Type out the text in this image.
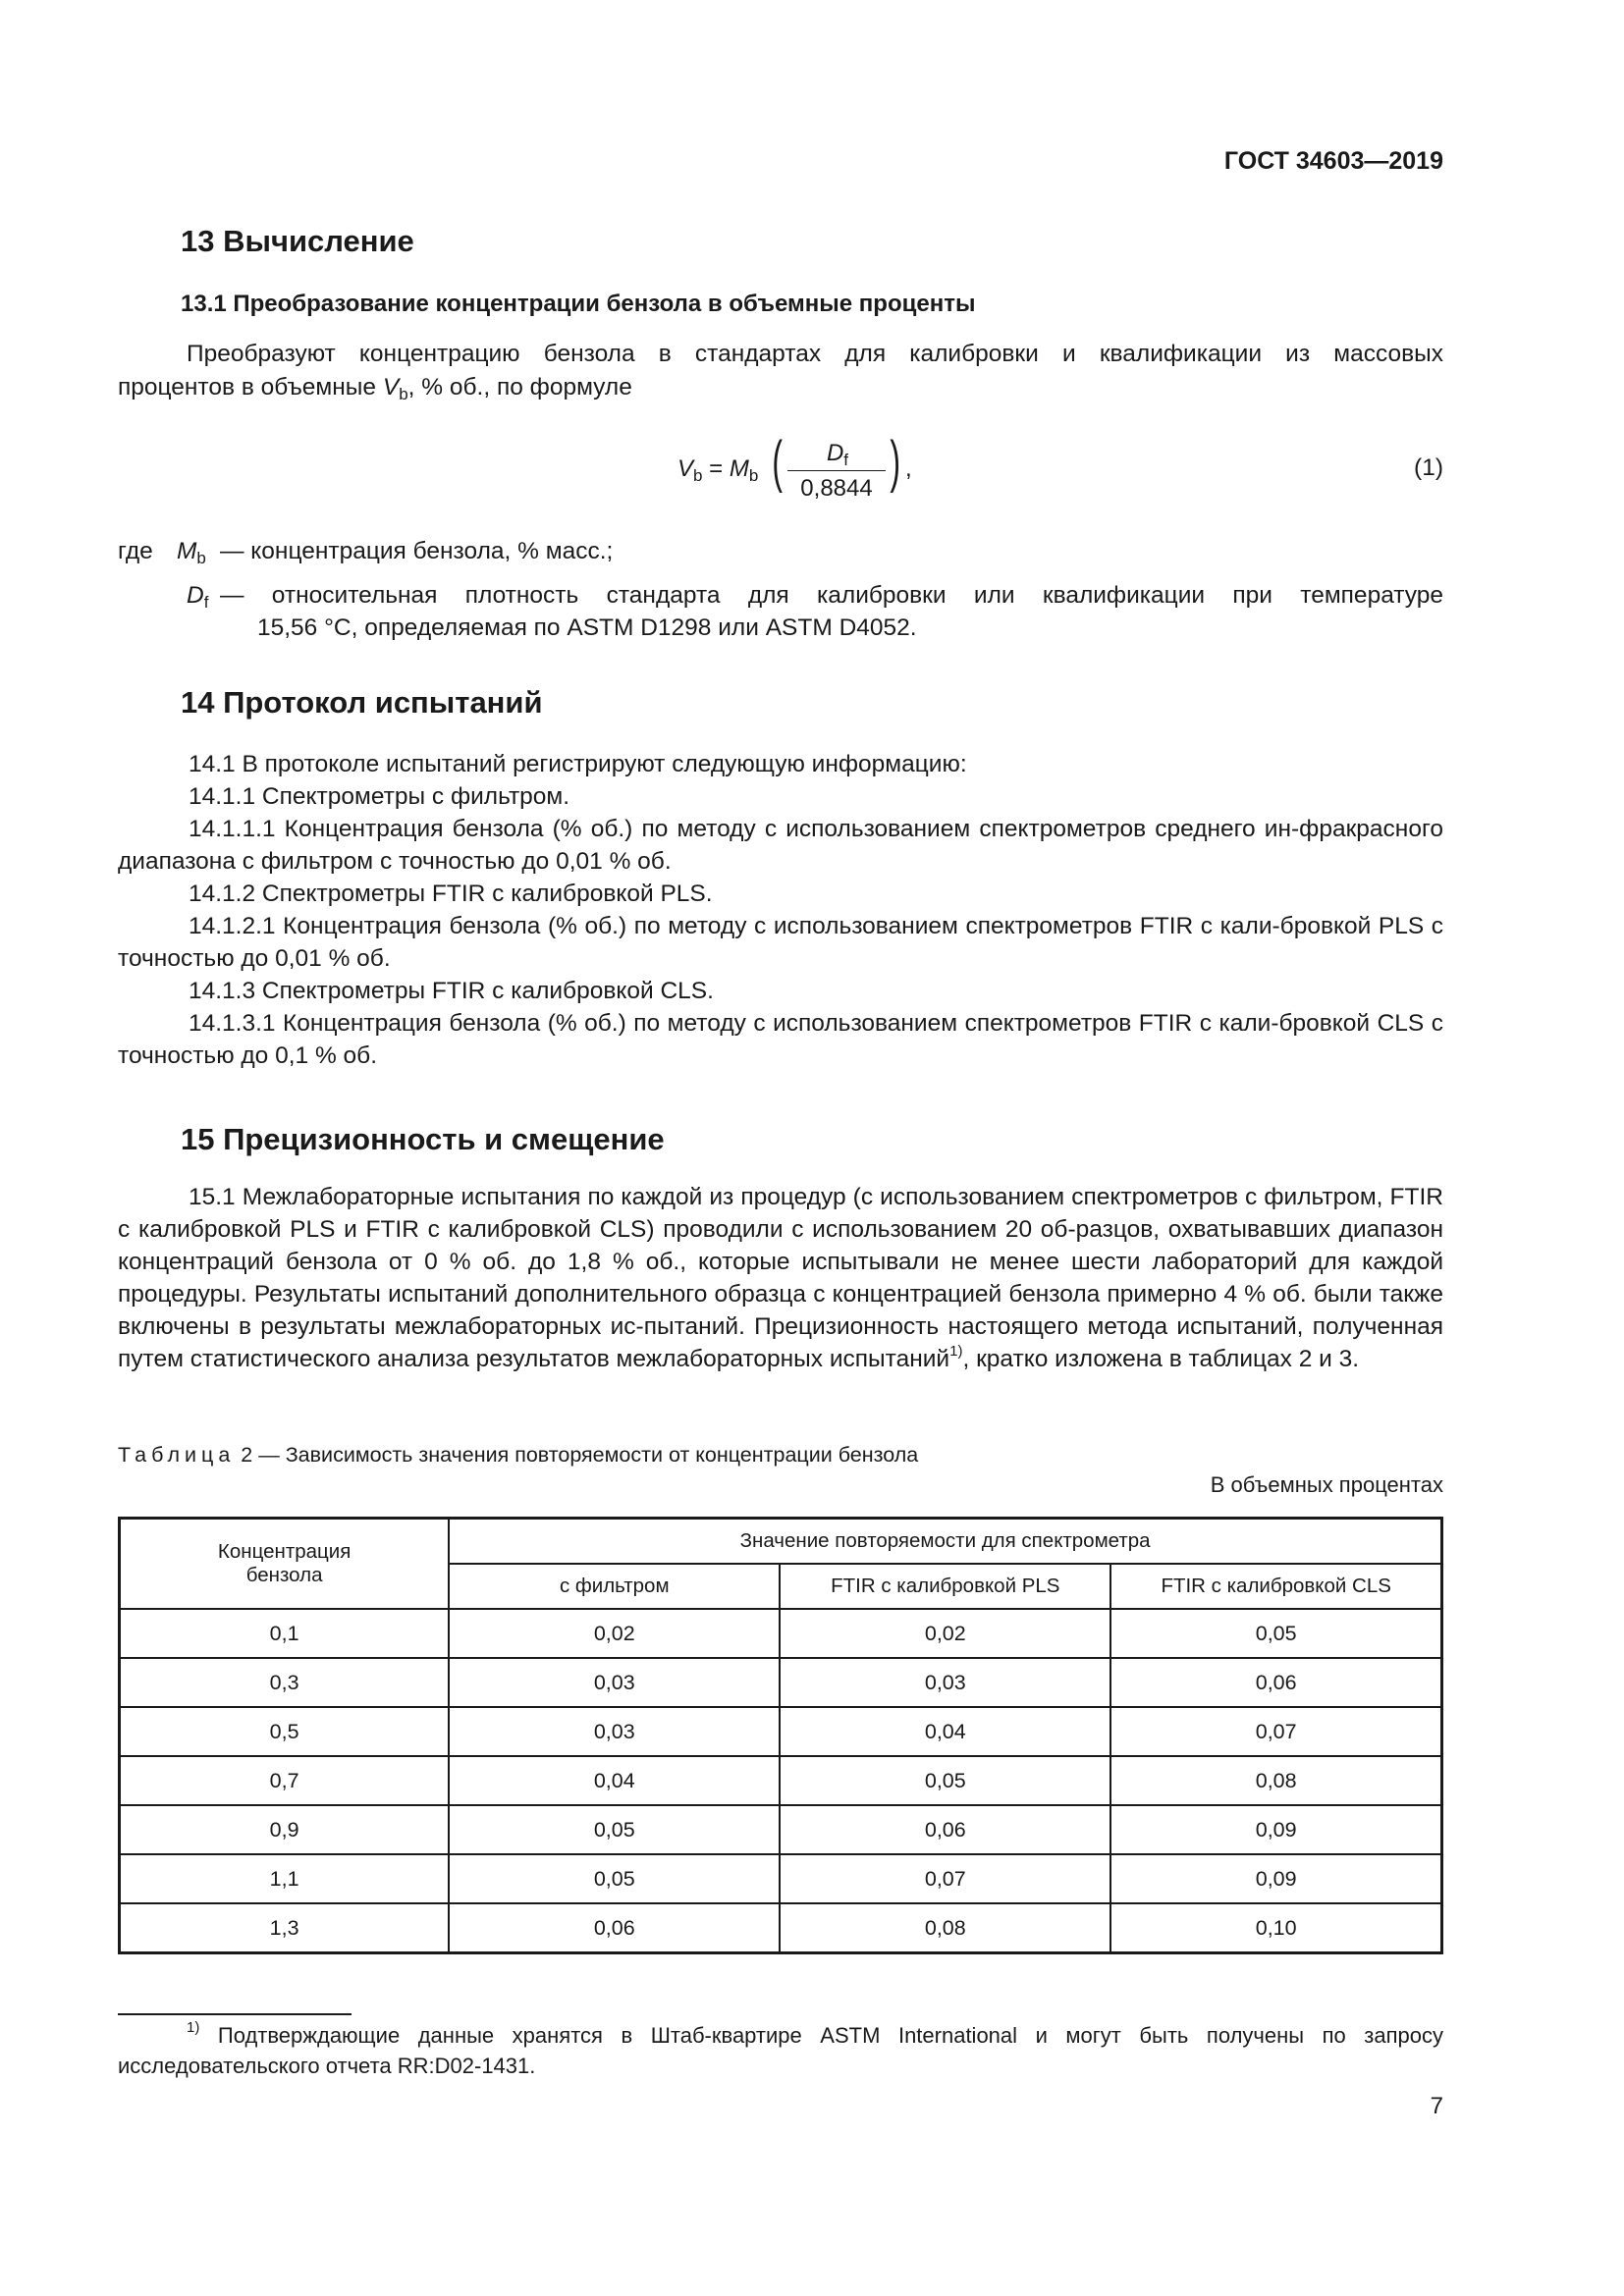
ГОСТ 34603—2019
13 Вычисление
13.1 Преобразование концентрации бензола в объемные проценты
Преобразуют концентрацию бензола в стандартах для калибровки и квалификации из массовых
процентов в объемные $V_b$, % об., по формуле
$V_b = M_b$ (	$D_f$
0,8844 ) ,	(1)
где $M_b$ — концентрация бензола, % масс.;
$D_f$ — относительная плотность стандарта для калибровки или квалификации при температуре
15,56 °С, определяемая по ASTM D1298 или ASTM D4052.
14 Протокол испытаний
14.1 В протоколе испытаний регистрируют следующую информацию:
14.1.1 Спектрометры с фильтром.
14.1.1.1 Концентрация бензола (% об.) по методу с использованием спектрометров среднего ин-фракрасного диапазона с фильтром с точностью до 0,01 % об.
14.1.2 Спектрометры FTIR с калибровкой PLS.
14.1.2.1 Концентрация бензола (% об.) по методу с использованием спектрометров FTIR с кали-бровкой PLS с точностью до 0,01 % об.
14.1.3 Спектрометры FTIR с калибровкой CLS.
14.1.3.1 Концентрация бензола (% об.) по методу с использованием спектрометров FTIR с кали-бровкой CLS с точностью до 0,1 % об.
15 Прецизионность и смещение
15.1 Межлабораторные испытания по каждой из процедур (с использованием спектрометров с фильтром, FTIR с калибровкой PLS и FTIR с калибровкой CLS) проводили с использованием 20 об-разцов, охватывавших диапазон концентраций бензола от 0 % об. до 1,8 % об., которые испытывали не менее шести лабораторий для каждой процедуры. Результаты испытаний дополнительного образца с концентрацией бензола примерно 4 % об. были также включены в результаты межлабораторных ис-пытаний. Прецизионность настоящего метода испытаний, полученная путем статистического анализа результатов межлабораторных испытаний$^{1)}$, кратко изложена в таблицах 2 и 3.
Таблица 2 — Зависимость значения повторяемости от концентрации бензола
В объемных процентах
Концентрация бензола	Значение повторяемости для спектрометра		
	с фильтром	FTIR с калибровкой PLS	FTIR с калибровкой CLS
0,1	0,02	0,02	0,05
0,3	0,03	0,03	0,06
0,5	0,03	0,04	0,07
0,7	0,04	0,05	0,08
0,9	0,05	0,06	0,09
1,1	0,05	0,07	0,09
1,3	0,06	0,08	0,10
$^{1)}$ Подтверждающие данные хранятся в Штаб-квартире ASTM International и могут быть получены по запросу исследовательского отчета RR:D02-1431.
7
